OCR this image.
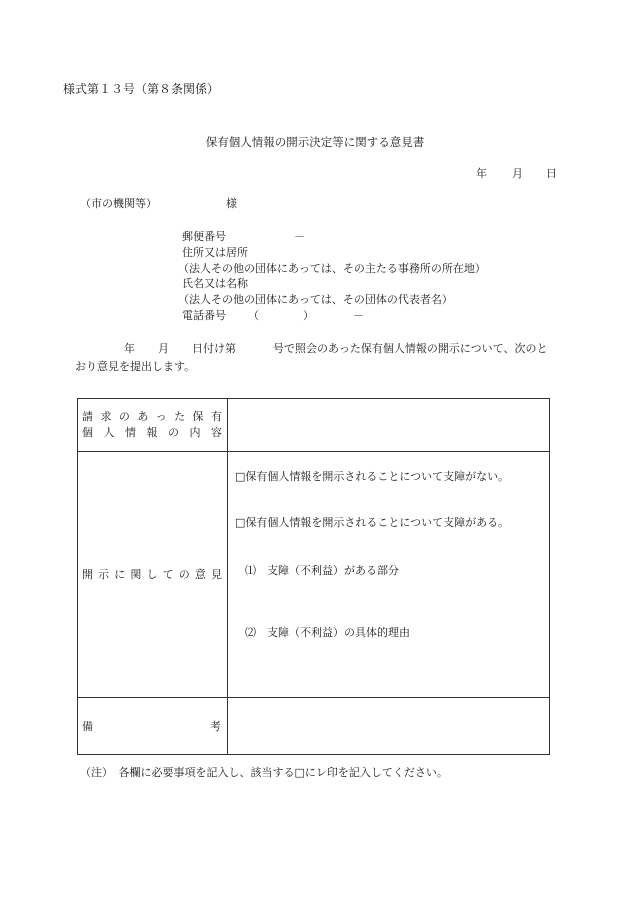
様式第１３号（第８条関係）
保有個人情報の開示決定等に関する意見書
年 月 日
（市の機関等）	様
郵便番号	－
住所又は居所
（法人その他の団体にあっては、その主たる事務所の所在地）
氏名又は名称
（法人その他の団体にあっては、その団体の代表者名）
電話番号 （	）	－
年 月 日付け第	号で照会のあった保有個人情報の開示について、次のと
おり意見を提出します。
請求のあった保有
個人情報の内容	

開示に関しての意見	□保有個人情報を開示されることについて支障がない。
□保有個人情報を開示されることについて支障がある。
⑴　支障（不利益）がある部分
⑵　支障（不利益）の具体的理由

備 考	

（注）　各欄に必要事項を記入し、該当する□にレ印を記入してください。
